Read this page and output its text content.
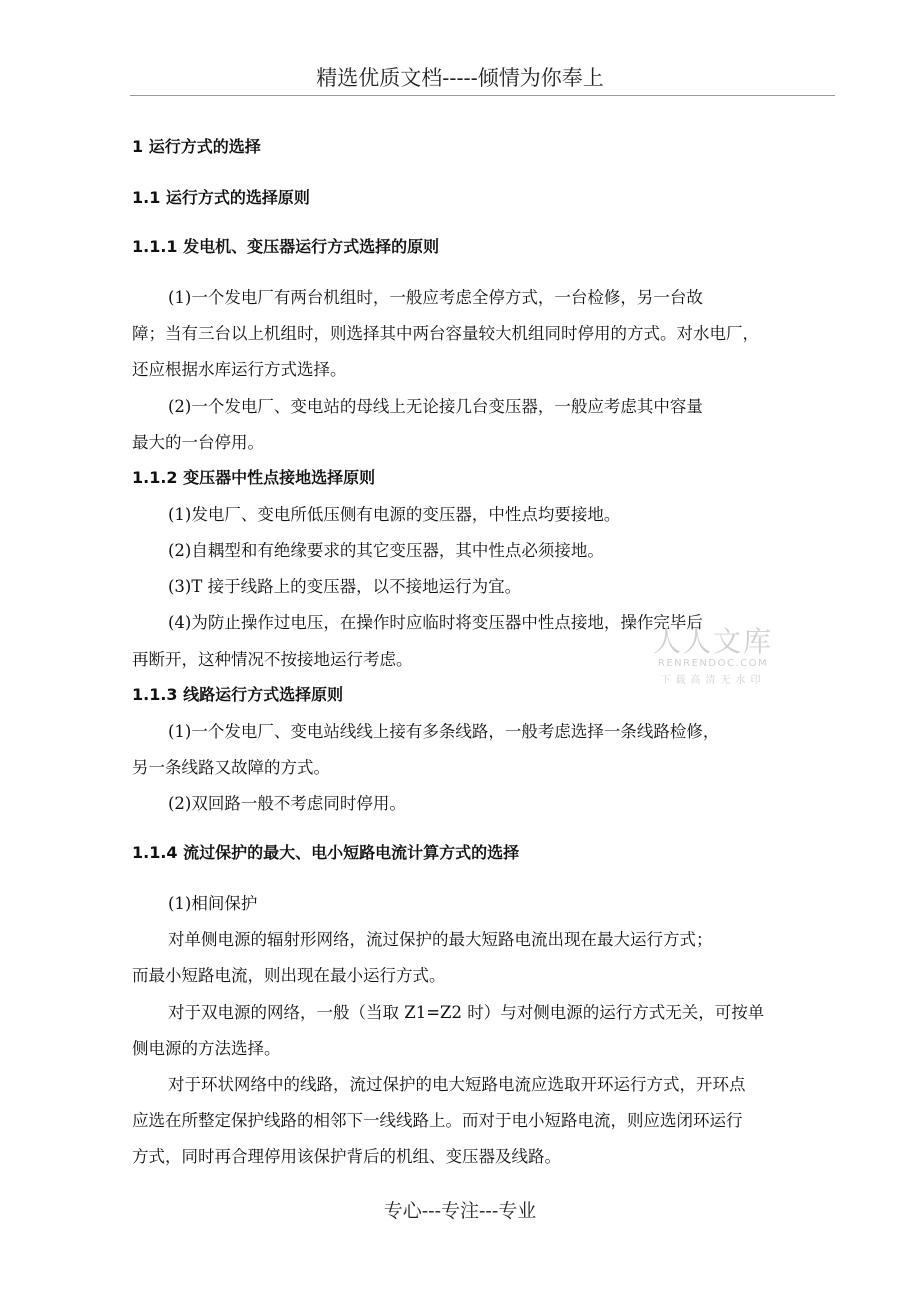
精选优质文档-----倾情为你奉上
1 运行方式的选择
1.1 运行方式的选择原则
1.1.1 发电机、变压器运行方式选择的原则
(1)一个发电厂有两台机组时，一般应考虑全停方式，一台检修，另一台故
障；当有三台以上机组时，则选择其中两台容量较大机组同时停用的方式。对水电厂，
还应根据水库运行方式选择。
(2)一个发电厂、变电站的母线上无论接几台变压器，一般应考虑其中容量
最大的一台停用。
1.1.2 变压器中性点接地选择原则
(1)发电厂、变电所低压侧有电源的变压器，中性点均要接地。
(2)自耦型和有绝缘要求的其它变压器，其中性点必须接地。
(3)T 接于线路上的变压器，以不接地运行为宜。
(4)为防止操作过电压，在操作时应临时将变压器中性点接地，操作完毕后
再断开，这种情况不按接地运行考虑。
1.1.3 线路运行方式选择原则
(1)一个发电厂、变电站线线上接有多条线路，一般考虑选择一条线路检修，
另一条线路又故障的方式。
(2)双回路一般不考虑同时停用。
1.1.4 流过保护的最大、电小短路电流计算方式的选择
(1)相间保护
对单侧电源的辐射形网络，流过保护的最大短路电流出现在最大运行方式；
而最小短路电流，则出现在最小运行方式。
对于双电源的网络，一般（当取 Z1=Z2 时）与对侧电源的运行方式无关，可按单
侧电源的方法选择。
对于环状网络中的线路，流过保护的电大短路电流应选取开环运行方式，开环点
应选在所整定保护线路的相邻下一线线路上。而对于电小短路电流，则应选闭环运行
方式，同时再合理停用该保护背后的机组、变压器及线路。
人人文库
RENRENDOC.COM
下载高清无水印
专心---专注---专业
